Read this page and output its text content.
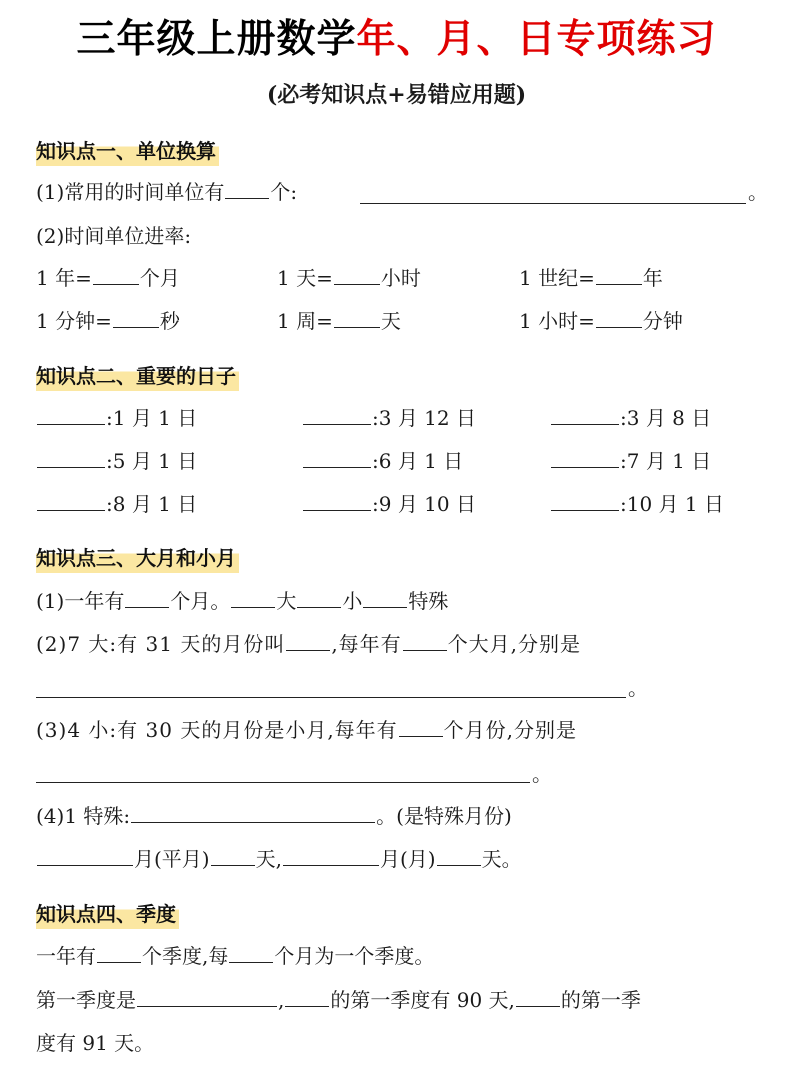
三年级上册数学年、月、日专项练习
(必考知识点+易错应用题)
知识点一、单位换算
(1)常用的时间单位有 个:	。
(2)时间单位进率:
1 年= 个月	1 天= 小时	1 世纪= 年
1 分钟= 秒	1 周= 天	1 小时= 分钟
知识点二、重要的日子
:1 月 1 日	:3 月 12 日	:3 月 8 日
:5 月 1 日	:6 月 1 日	:7 月 1 日
:8 月 1 日	:9 月 10 日	:10 月 1 日
知识点三、大月和小月
(1)一年有 个月。 大 小 特殊
(2)7 大:有 31 天的月份叫 ,每年有 个大月,分别是
。
(3)4 小:有 30 天的月份是小月,每年有 个月份,分别是
。
(4)1 特殊:	。(是特殊月份)
月(平月) 天,	月(月) 天。
知识点四、季度
一年有 个季度,每 个月为一个季度。
第一季度是	, 的第一季度有 90 天, 的第一季
度有 91 天。
